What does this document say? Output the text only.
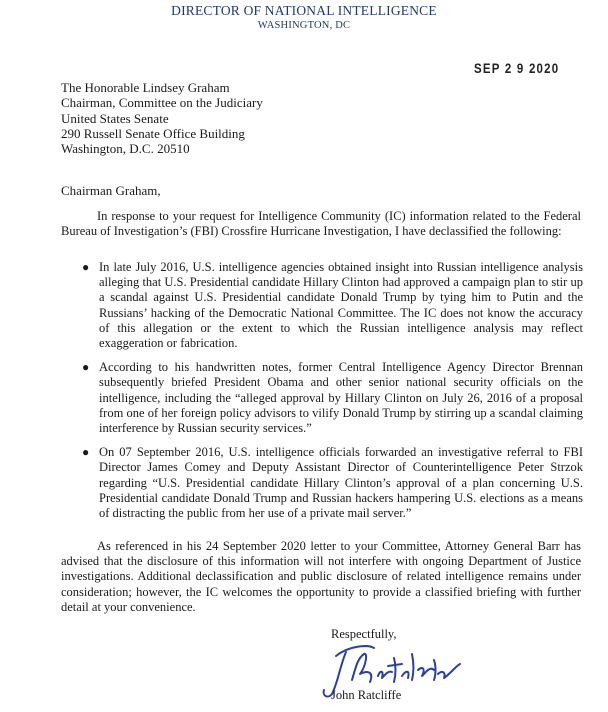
DIRECTOR OF NATIONAL INTELLIGENCE
WASHINGTON, DC
SEP 2 9 2020
The Honorable Lindsey Graham
Chairman, Committee on the Judiciary
United States Senate
290 Russell Senate Office Building
Washington, D.C. 20510
Chairman Graham,

In response to your request for Intelligence Community (IC) information related to the Federal Bureau of Investigation’s (FBI) Crossfire Hurricane Investigation, I have declassified the following:

● In late July 2016, U.S. intelligence agencies obtained insight into Russian intelligence analysis alleging that U.S. Presidential candidate Hillary Clinton had approved a campaign plan to stir up a scandal against U.S. Presidential candidate Donald Trump by tying him to Putin and the Russians’ hacking of the Democratic National Committee. The IC does not know the accuracy of this allegation or the extent to which the Russian intelligence analysis may reflect exaggeration or fabrication.
● According to his handwritten notes, former Central Intelligence Agency Director Brennan subsequently briefed President Obama and other senior national security officials on the intelligence, including the “alleged approval by Hillary Clinton on July 26, 2016 of a proposal from one of her foreign policy advisors to vilify Donald Trump by stirring up a scandal claiming interference by Russian security services.”
● On 07 September 2016, U.S. intelligence officials forwarded an investigative referral to FBI Director James Comey and Deputy Assistant Director of Counterintelligence Peter Strzok regarding “U.S. Presidential candidate Hillary Clinton’s approval of a plan concerning U.S. Presidential candidate Donald Trump and Russian hackers hampering U.S. elections as a means of distracting the public from her use of a private mail server.”

As referenced in his 24 September 2020 letter to your Committee, Attorney General Barr has advised that the disclosure of this information will not interfere with ongoing Department of Justice investigations. Additional declassification and public disclosure of related intelligence remains under consideration; however, the IC welcomes the opportunity to provide a classified briefing with further detail at your convenience.

Respectfully,
John Ratcliffe
